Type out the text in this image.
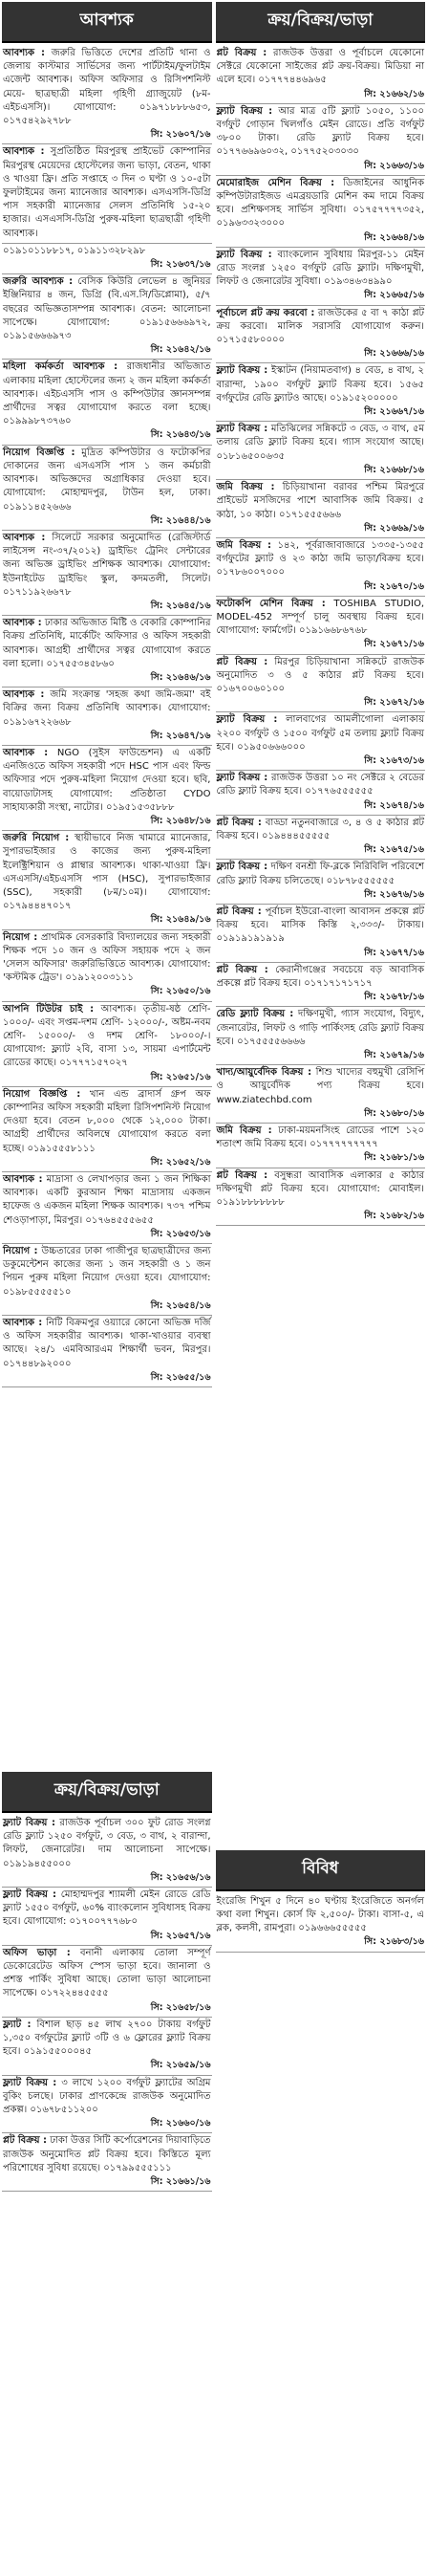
আবশ্যক
আবশ্যক : জরুরি ভিত্তিতে দেশের প্রতিটি থানা ও জেলায় কাস্টমার সার্ভিসের জন্য পার্টটাইম/ফুলটাইম এজেন্ট আবশ্যক। অফিস অফিসার ও রিসিপশনিস্ট মেয়ে- ছাত্রছাত্রী মহিলা গৃহিণী গ্র্যাজুয়েট (৮ম-এইচএসসি)। যোগাযোগ: ০১৯৭১৮৮৮৬৫৩, ০১৭৫৪২৯২৭৮৮
সি: ২১৬০৭/১৬
আবশ্যক : সুপ্রতিষ্ঠিত মিরপুরস্থ প্রাইভেট কোম্পানির মিরপুরস্থ মেয়েদের হোস্টেলের জন্য ভাড়া, বেতন, থাকা ও খাওয়া ফ্রি। প্রতি সপ্তাহে ৩ দিন ৩ ঘণ্টা ও ১০-৫টা ফুলটাইমের জন্য ম্যানেজার আবশ্যক। এসএসসি-ডিগ্রি পাস সহকারী ম্যানেজার সেলস প্রতিনিধি ১৫-২০ হাজার। এসএসসি-ডিগ্রি পুরুষ-মহিলা ছাত্রছাত্রী গৃহিণী আবশ্যক।
০১৯১০১১৮৮১৭, ০১৯১১৩২৮২৯৮
সি: ২১৬৩৭/১৬
জরুরি আবশ্যক : বেসিক কিউরি লেভেল ৪ জুনিয়র ইঞ্জিনিয়ার ৪ জন, ডিগ্রি (বি.এস.সি/ডিপ্লোমা), ৫/৭ বছরের অভিজ্ঞতাসম্পন্ন আবশ্যক। বেতন: আলোচনা সাপেক্ষে। যোগাযোগ: ০১৯১৫৬৬৬৯৭২, ০১৯১৫৬৬৬৯৭৩
সি: ২১৬৪২/১৬
মহিলা কর্মকর্তা আবশ্যক : রাজধানীর অভিজাত এলাকায় মহিলা হোস্টেলের জন্য ২ জন মহিলা কর্মকর্তা আবশ্যক। এইচএসসি পাস ও কম্পিউটার জ্ঞানসম্পন্ন প্রার্থীদের সত্বর যোগাযোগ করতে বলা হচ্ছে। ০১৯৯৯৮৭৩৭৬০
সি: ২১৬৪৩/১৬
নিয়োগ বিজ্ঞপ্তি : মুদ্রিত কম্পিউটার ও ফটোকপির দোকানের জন্য এসএসসি পাস ১ জন কর্মচারী আবশ্যক। অভিজ্ঞদের অগ্রাধিকার দেওয়া হবে। যোগাযোগ: মোহাম্মদপুর, টাউন হল, ঢাকা। ০১৯১১৪৫২৬৬৬
সি: ২১৬৪৪/১৬
আবশ্যক : সিলেটে সরকার অনুমোদিত (রেজিস্টার্ড লাইসেন্স নং-৩৭/২০১২) ড্রাইভিং ট্রেনিং সেন্টারের জন্য অভিজ্ঞ ড্রাইভিং প্রশিক্ষক আবশ্যক। যোগাযোগ: ইউনাইটেড ড্রাইভিং স্কুল, কদমতলী, সিলেট। ০১৭১১৯২৬৬৭৮
সি: ২১৬৪৫/১৬
আবশ্যক : ঢাকার অভিজাত মিষ্টি ও বেকারি কোম্পানির বিক্রয় প্রতিনিধি, মার্কেটিং অফিসার ও অফিস সহকারী আবশ্যক। আগ্রহী প্রার্থীদের সত্বর যোগাযোগ করতে বলা হলো। ০১৭৫৫৩৪৫৮৬০
সি: ২১৬৪৬/১৬
আবশ্যক : জমি সংক্রান্ত 'সহজ কথা জমি-জমা' বই বিক্রির জন্য বিক্রয় প্রতিনিধি আবশ্যক। যোগাযোগ: ০১৯১৬৭২২৬৬৮
সি: ২১৬৪৭/১৬
আবশ্যক : NGO (সুইস ফাউন্ডেশন) এ একটি এনজিওতে অফিস সহকারী পদে HSC পাস এবং ফিল্ড অফিসার পদে পুরুষ-মহিলা নিয়োগ দেওয়া হবে। ছবি, বায়োডাটাসহ যোগাযোগ: প্রতিষ্ঠাতা CYDO সাহায্যকারী সংস্থা, নাটোর। ০১৯৫১৫৩৫৮৮৮
সি: ২১৬৪৮/১৬
জরুরি নিয়োগ : স্থায়ীভাবে নিজ খামারে ম্যানেজার, সুপারভাইজার ও কাজের জন্য পুরুষ-মহিলা ইলেক্ট্রিশিয়ান ও প্লাম্বার আবশ্যক। থাকা-খাওয়া ফ্রি। এসএসসি/এইচএসসি পাস (HSC), সুপারভাইজার (SSC), সহকারী (৮ম/১০ম)। যোগাযোগ: ০১৭৯৪৪৪৭০১৭
সি: ২১৬৪৯/১৬
নিয়োগ : প্রাথমিক বেসরকারি বিদ্যালয়ের জন্য সহকারী শিক্ষক পদে ১০ জন ও অফিস সহায়ক পদে ২ জন 'সেলস অফিসার' জরুরিভিত্তিতে আবশ্যক। যোগাযোগ: 'কস্টমিক ট্রেড'। ০১৯১২০০৩১১১
সি: ২১৬৫০/১৬
আপনি টিউটর চাই : আবশ্যক। তৃতীয়-ষষ্ঠ শ্রেণি- ১০০০/- এবং সপ্তম-দশম শ্রেণি- ১২০০০/-, অষ্টম-নবম শ্রেণি- ১৫০০০/- ও দশম শ্রেণি- ১৮০০০/-। যোগাযোগ: ফ্ল্যাট ২বি, বাসা ১৩, সায়মা এপার্টমেন্ট রোডের কাছে। ০১৭৭৭১৫৭০২৭
সি: ২১৬৫১/১৬
নিয়োগ বিজ্ঞপ্তি : খান এন্ড ব্রাদার্স গ্রুপ অফ কোম্পানির অফিস সহকারী মহিলা রিসিপশনিস্ট নিয়োগ দেওয়া হবে। বেতন ৮,০০০ থেকে ১২,০০০ টাকা। আগ্রহী প্রার্থীদের অবিলম্বে যোগাযোগ করতে বলা হচ্ছে। ০১৯১৫৫৫৮১১১
সি: ২১৬৫২/১৬
আবশ্যক : মাদ্রাসা ও লেখাপড়ার জন্য ১ জন শিক্ষিকা আবশ্যক। একটি কুরআন শিক্ষা মাদ্রাসায় একজন হাফেজ ও একজন মহিলা শিক্ষক আবশ্যক। ৭৩৭ পশ্চিম শেওড়াপাড়া, মিরপুর। ০১৭৬৪৫৫৫৬৫৫
সি: ২১৬৫৩/১৬
নিয়োগ : উচ্চতারের ঢাকা গাজীপুর ছাত্রছাত্রীদের জন্য ডকুমেন্টেশন কাজের জন্য ১ জন সহকারী ও ১ জন পিয়ন পুরুষ মহিলা নিয়োগ দেওয়া হবে। যোগাযোগ: ০১৯৮৫৫৫৫৫১০
সি: ২১৬৫৪/১৬
আবশ্যক : নিটি বিক্রমপুর ওয়্যারে কোনো অভিজ্ঞ দর্জি ও অফিস সহকারীর আবশ্যক। থাকা-খাওয়ার ব্যবস্থা আছে। ২৪/১ এমবিআরএম শিক্ষার্থী ভবন, মিরপুর। ০১৭৪৪৮৯২০০০
সি: ২১৬৫৫/১৬
ক্রয়/বিক্রয়/ভাড়া
ফ্ল্যাট বিক্রয় : রাজউক পূর্বাচল ৩০০ ফুট রোড সংলগ্ন রেডি ফ্ল্যাট ১২৫০ বর্গফুট, ৩ বেড, ৩ বাথ, ২ বারান্দা, লিফট, জেনারেটর। দাম আলোচনা সাপেক্ষে। ০১৯১৯৪৫৫০০০
সি: ২১৬৫৬/১৬
ফ্ল্যাট বিক্রয় : মোহাম্মদপুর শ্যামলী মেইন রোডে রেডি ফ্ল্যাট ১৫৫০ বর্গফুট, ৬০% ব্যাংকলোন সুবিধাসহ বিক্রয় হবে। যোগাযোগ: ০১৭০০৭৭৭৬৮০
সি: ২১৬৫৭/১৬
অফিস ভাড়া : বনানী এলাকায় তোলা সম্পূর্ণ ডেকোরেটেড অফিস স্পেস ভাড়া হবে। জানালা ও প্রশস্ত পার্কিং সুবিধা আছে। তোলা ভাড়া আলোচনা সাপেক্ষে। ০১৭২২৪৪৫৫৫৫
সি: ২১৬৫৮/১৬
ফ্ল্যাট : বিশাল ছাড় ৪৫ লাখ ২৭০০ টাকায় বর্গফুট ১,৩৫০ বর্গফুটের ফ্ল্যাট ৩টি ও ৬ ফ্লোরের ফ্ল্যাট বিক্রয় হবে। ০১৯১৫৫০০০৪৫
সি: ২১৬৫৯/১৬
ফ্ল্যাট বিক্রয় : ৩ লাখে ১২০০ বর্গফুট ফ্ল্যাটের অগ্রিম বুকিং চলছে। ঢাকার প্রাণকেন্দ্রে রাজউক অনুমোদিত প্রকল্প। ০১৬৭৮৫১১২০০
সি: ২১৬৬০/১৬
প্লট বিক্রয় : ঢাকা উত্তর সিটি কর্পোরেশনের দিয়াবাড়িতে রাজউক অনুমোদিত প্লট বিক্রয় হবে। কিস্তিতে মূল্য পরিশোধের সুবিধা রয়েছে। ০১৭৯৯৫৫৫১১১
সি: ২১৬৬১/১৬
ক্রয়/বিক্রয়/ভাড়া
প্লট বিক্রয় : রাজউক উত্তরা ও পূর্বাচলে যেকোনো সেক্টরে যেকোনো সাইজের প্লট ক্রয়-বিক্রয়। মিডিয়া না এলে হবে। ০১৭৭৭৪৪৬৯৬৫
সি: ২১৬৬২/১৬
ফ্ল্যাট বিক্রয় : আর মাত্র ৫টি ফ্ল্যাট ১০৫০, ১১০০ বর্গফুট গোড়ান খিলগাঁও মেইন রোডে। প্রতি বর্গফুট ৩৮০০ টাকা। রেডি ফ্ল্যাট বিক্রয় হবে। ০১৭৭৬৬৯৬০৩২, ০১৭৭৫২০৩০৩০
সি: ২১৬৬৩/১৬
মেমোরাইজ মেশিন বিক্রয় : ডিজাইনের আধুনিক কম্পিউটারাইজড এমব্রয়ডারি মেশিন কম দামে বিক্রয় হবে। প্রশিক্ষণসহ সার্ভিস সুবিধা। ০১৭৫৭৭৭৭৩৫২, ০১৯৬৩৩২৩০০০
সি: ২১৬৬৪/১৬
ফ্ল্যাট বিক্রয় : ব্যাংকলোন সুবিধায় মিরপুর-১১ মেইন রোড সংলগ্ন ১২৫০ বর্গফুট রেডি ফ্ল্যাট। দক্ষিণমুখী, লিফট ও জেনারেটর সুবিধা। ০১৯৩৪৬৩৪৯৯০
সি: ২১৬৬৫/১৬
পূর্বাচলে প্লট ক্রয় করবো : রাজউকের ৫ বা ৭ কাঠা প্লট ক্রয় করবো। মালিক সরাসরি যোগাযোগ করুন। ০১৭১৫৫৮০০০০
সি: ২১৬৬৬/১৬
ফ্ল্যাট বিক্রয় : ইস্কাটন (নিয়ামতবাগ) ৪ বেড, ৪ বাথ, ২ বারান্দা, ১৯০০ বর্গফুট ফ্ল্যাট বিক্রয় হবে। ১৫৬৫ বর্গফুটের রেডি ফ্ল্যাটও আছে। ০১৯১৫২০০০০০
সি: ২১৬৬৭/১৬
ফ্ল্যাট বিক্রয় : মতিঝিলের সন্নিকটে ৩ বেড, ৩ বাথ, ৫ম তলায় রেডি ফ্ল্যাট বিক্রয় হবে। গ্যাস সংযোগ আছে। ০১৮১৬৫০০৬৩৫
সি: ২১৬৬৮/১৬
জমি বিক্রয় : চিড়িয়াখানা বরাবর পশ্চিম মিরপুরে প্রাইভেট মসজিদের পাশে আবাসিক জমি বিক্রয়। ৫ কাঠা, ১০ কাঠা। ০১৭১৫৫৫৬৬৬
সি: ২১৬৬৯/১৬
জমি বিক্রয় : ১৪২, পূর্বরাজাবাজারে ১৩৩৫-১৩৫৫ বর্গফুটের ফ্ল্যাট ও ২৩ কাঠা জমি ভাড়া/বিক্রয় হবে। ০১৭৮৬০০৭০০০
সি: ২১৬৭০/১৬
ফটোকপি মেশিন বিক্রয় : TOSHIBA STUDIO, MODEL-452 সম্পূর্ণ চালু অবস্থায় বিক্রয় হবে। যোগাযোগ: ফার্মগেট। ০১৯১৬৬৮৬৭৬৮
সি: ২১৬৭১/১৬
প্লট বিক্রয় : মিরপুর চিড়িয়াখানা সন্নিকটে রাজউক অনুমোদিত ৩ ও ৫ কাঠার প্লট বিক্রয় হবে। ০১৬৭০০৬০১০০
সি: ২১৬৭২/১৬
ফ্ল্যাট বিক্রয় : লালবাগের আমলীগোলা এলাকায় ২২০০ বর্গফুট ও ১৫০০ বর্গফুট ৫ম তলায় ফ্ল্যাট বিক্রয় হবে। ০১৯৫০৬৬৬০০০
সি: ২১৬৭৩/১৬
ফ্ল্যাট বিক্রয় : রাজউক উত্তরা ১০ নং সেক্টরে ২ বেডের রেডি ফ্ল্যাট বিক্রয় হবে। ০১৭৭৬৫৫৫৫৫৫
সি: ২১৬৭৪/১৬
প্লট বিক্রয় : বাড্ডা নতুনবাজারে ৩, ৪ ও ৫ কাঠার প্লট বিক্রয় হবে। ০১৯৪৪৪৫৫৫৫৫
সি: ২১৬৭৫/১৬
ফ্ল্যাট বিক্রয় : দক্ষিণ বনশ্রী ফি-ব্লকে নিরিবিলি পরিবেশে রেডি ফ্ল্যাট বিক্রয় চলিতেছে। ০১৮৭৮৫৫৫৫৫৫
সি: ২১৬৭৬/১৬
প্লট বিক্রয় : পূর্বাচল ইউরো-বাংলা আবাসন প্রকল্পে প্লট বিক্রয় হবে। মাসিক কিস্তি ২,৩৩৩/- টাকায়। ০১৯১৯১৯১৯১৯
সি: ২১৬৭৭/১৬
প্লট বিক্রয় : কেরানীগঞ্জের সবচেয়ে বড় আবাসিক প্রকল্পে প্লট বিক্রয় হবে। ০১৭১৭১৭১৭১৭
সি: ২১৬৭৮/১৬
রেডি ফ্ল্যাট বিক্রয় : দক্ষিণমুখী, গ্যাস সংযোগ, বিদ্যুৎ, জেনারেটর, লিফট ও গাড়ি পার্কিংসহ রেডি ফ্ল্যাট বিক্রয় হবে। ০১৭৫৫৫৫৬৬৬৬
সি: ২১৬৭৯/১৬
খাদ্য/আয়ুর্বেদিক বিক্রয় : শিশু খাদ্যের বহুমুখী রেসিপি ও আয়ুর্বেদিক পণ্য বিক্রয় হবে। www.ziatechbd.com
সি: ২১৬৮০/১৬
জমি বিক্রয় : ঢাকা-ময়মনসিংহ রোডের পাশে ১২০ শতাংশ জমি বিক্রয় হবে। ০১৭৭৭৭৭৭৭৭৭
সি: ২১৬৮১/১৬
প্লট বিক্রয় : বসুন্ধরা আবাসিক এলাকার ৫ কাঠার দক্ষিণমুখী প্লট বিক্রয় হবে। যোগাযোগ: মোবাইল। ০১৯১৮৮৮৮৮৮৮
সি: ২১৬৮২/১৬
বিবিধ
ইংরেজি শিখুন ৫ দিনে ৪০ ঘণ্টায় ইংরেজিতে অনর্গল কথা বলা শিখুন। কোর্স ফি ২,৫০০/- টাকা। বাসা-৫, এ ব্লক, কলসী, রামপুরা। ০১৯৬৬৬৫৫৫৫৫
সি: ২১৬৮৩/১৬
